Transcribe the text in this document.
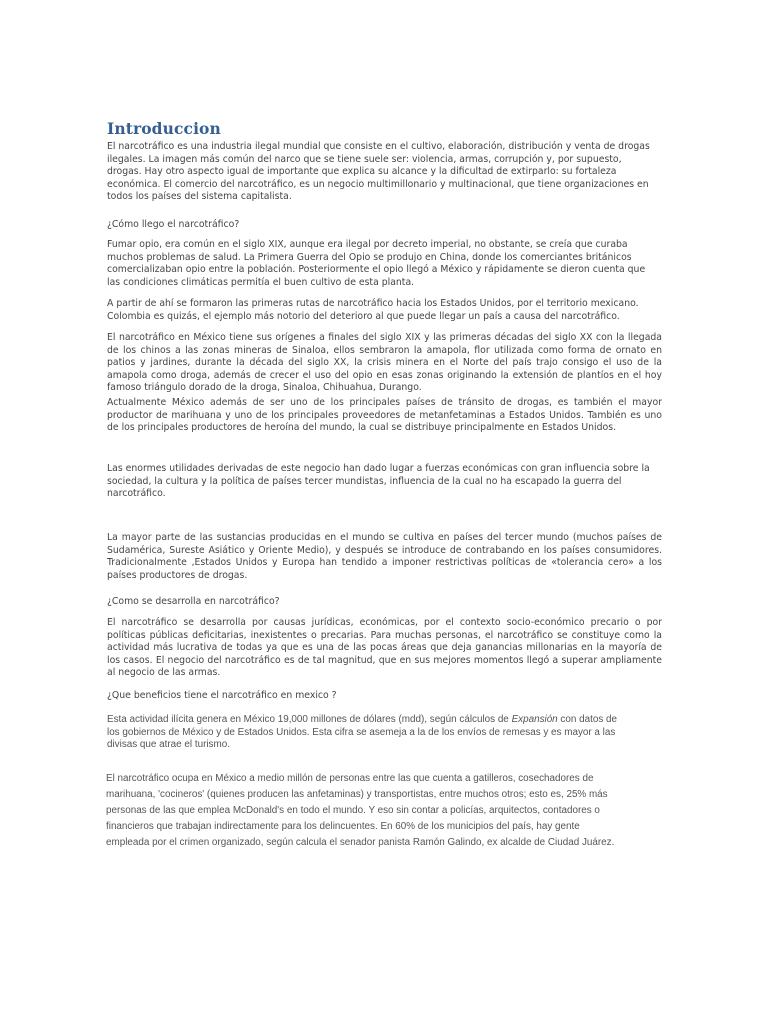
Introduccion

El narcotráfico es una industria ilegal mundial que consiste en el cultivo, elaboración, distribución y venta de drogas
ilegales. La imagen más común del narco que se tiene suele ser: violencia, armas, corrupción y, por supuesto,
drogas. Hay otro aspecto igual de importante que explica su alcance y la dificultad de extirparlo: su fortaleza
económica. El comercio del narcotráfico, es un negocio multimillonario y multinacional, que tiene organizaciones en
todos los países del sistema capitalista.

¿Cómo llego el narcotráfico?

Fumar opio, era común en el siglo XIX, aunque era ilegal por decreto imperial, no obstante, se creía que curaba
muchos problemas de salud. La Primera Guerra del Opio se produjo en China, donde los comerciantes británicos
comercializaban opio entre la población. Posteriormente el opio llegó a México y rápidamente se dieron cuenta que
las condiciones climáticas permitía el buen cultivo de esta planta.

A partir de ahí se formaron las primeras rutas de narcotráfico hacia los Estados Unidos, por el territorio mexicano.
Colombia es quizás, el ejemplo más notorio del deterioro al que puede llegar un país a causa del narcotráfico.

El narcotráfico en México tiene sus orígenes a finales del siglo XIX y las primeras décadas del siglo XX con la llegada
de los chinos a las zonas mineras de Sinaloa, ellos sembraron la amapola, flor utilizada como forma de ornato en
patios y jardines, durante la década del siglo XX, la crisis minera en el Norte del país trajo consigo el uso de la
amapola como droga, además de crecer el uso del opio en esas zonas originando la extensión de plantíos en el hoy
famoso triángulo dorado de la droga, Sinaloa, Chihuahua, Durango.

Actualmente México además de ser uno de los principales países de tránsito de drogas, es también el mayor
productor de marihuana y uno de los principales proveedores de metanfetaminas a Estados Unidos. También es uno
de los principales productores de heroína del mundo, la cual se distribuye principalmente en Estados Unidos.

Las enormes utilidades derivadas de este negocio han dado lugar a fuerzas económicas con gran influencia sobre la
sociedad, la cultura y la política de países tercer mundistas, influencia de la cual no ha escapado la guerra del
narcotráfico.

La mayor parte de las sustancias producidas en el mundo se cultiva en países del tercer mundo (muchos países de
Sudamérica, Sureste Asiático y Oriente Medio), y después se introduce de contrabando en los países consumidores.
Tradicionalmente ,Estados Unidos y Europa han tendido a imponer restrictivas políticas de «tolerancia cero» a los
países productores de drogas.

¿Como se desarrolla en narcotráfico?

El narcotráfico se desarrolla por causas jurídicas, económicas, por el contexto socio-económico precario o por
políticas públicas deficitarias, inexistentes o precarias. Para muchas personas, el narcotráfico se constituye como la
actividad más lucrativa de todas ya que es una de las pocas áreas que deja ganancias millonarias en la mayoría de
los casos. El negocio del narcotráfico es de tal magnitud, que en sus mejores momentos llegó a superar ampliamente
al negocio de las armas.

¿Que beneficios tiene el narcotráfico en mexico ?

Esta actividad ilícita genera en México 19,000 millones de dólares (mdd), según cálculos de Expansión con datos de
los gobiernos de México y de Estados Unidos. Esta cifra se asemeja a la de los envíos de remesas y es mayor a las
divisas que atrae el turismo.

El narcotráfico ocupa en México a medio millón de personas entre las que cuenta a gatilleros, cosechadores de
marihuana, 'cocineros' (quienes producen las anfetaminas) y transportistas, entre muchos otros; esto es, 25% más
personas de las que emplea McDonald's en todo el mundo. Y eso sin contar a policías, arquitectos, contadores o
financieros que trabajan indirectamente para los delincuentes. En 60% de los municipios del país, hay gente
empleada por el crimen organizado, según calcula el senador panista Ramón Galindo, ex alcalde de Ciudad Juárez.
